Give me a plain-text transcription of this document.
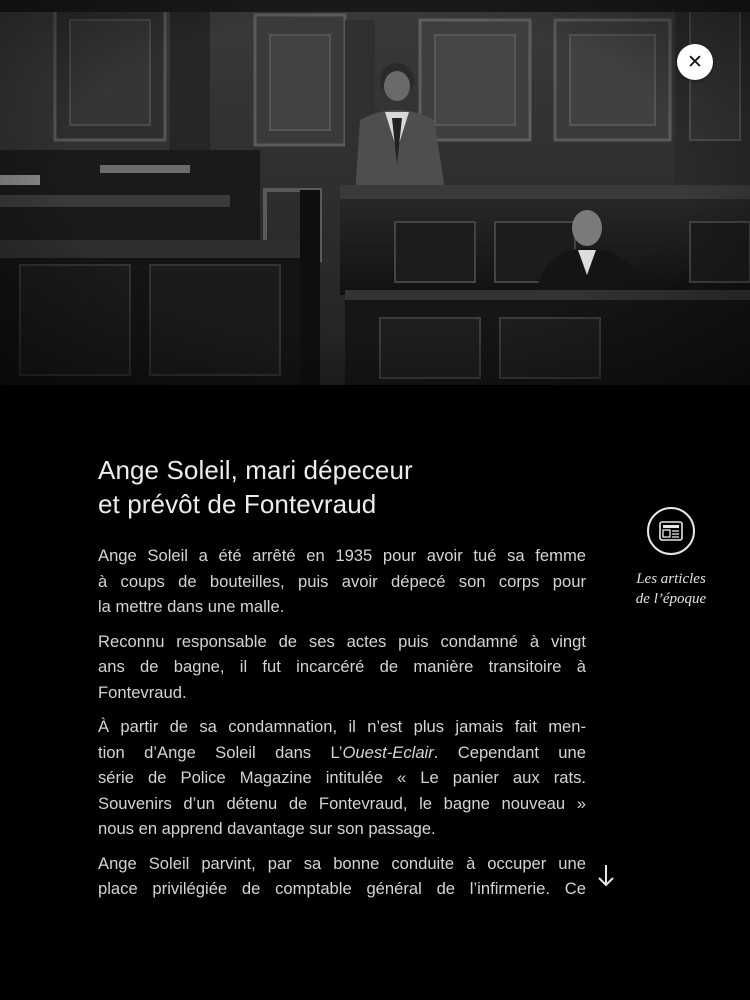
✕
Ange Soleil, mari dépeceur
et prévôt de Fontevraud

Ange Soleil a été arrêté en 1935 pour avoir tué sa femme
à coups de bouteilles, puis avoir dépecé son corps pour
la mettre dans une malle.

Reconnu responsable de ses actes puis condamné à vingt
ans de bagne, il fut incarcéré de manière transitoire à
Fontevraud.

À partir de sa condamnation, il n’est plus jamais fait men-
tion d’Ange Soleil dans L’Ouest-Eclair. Cependant une
série de Police Magazine intitulée « Le panier aux rats.
Souvenirs d’un détenu de Fontevraud, le bagne nouveau »
nous en apprend davantage sur son passage.

Ange Soleil parvint, par sa bonne conduite à occuper une
place privilégiée de comptable général de l’infirmerie. Ce

Les articles
de l’époque
